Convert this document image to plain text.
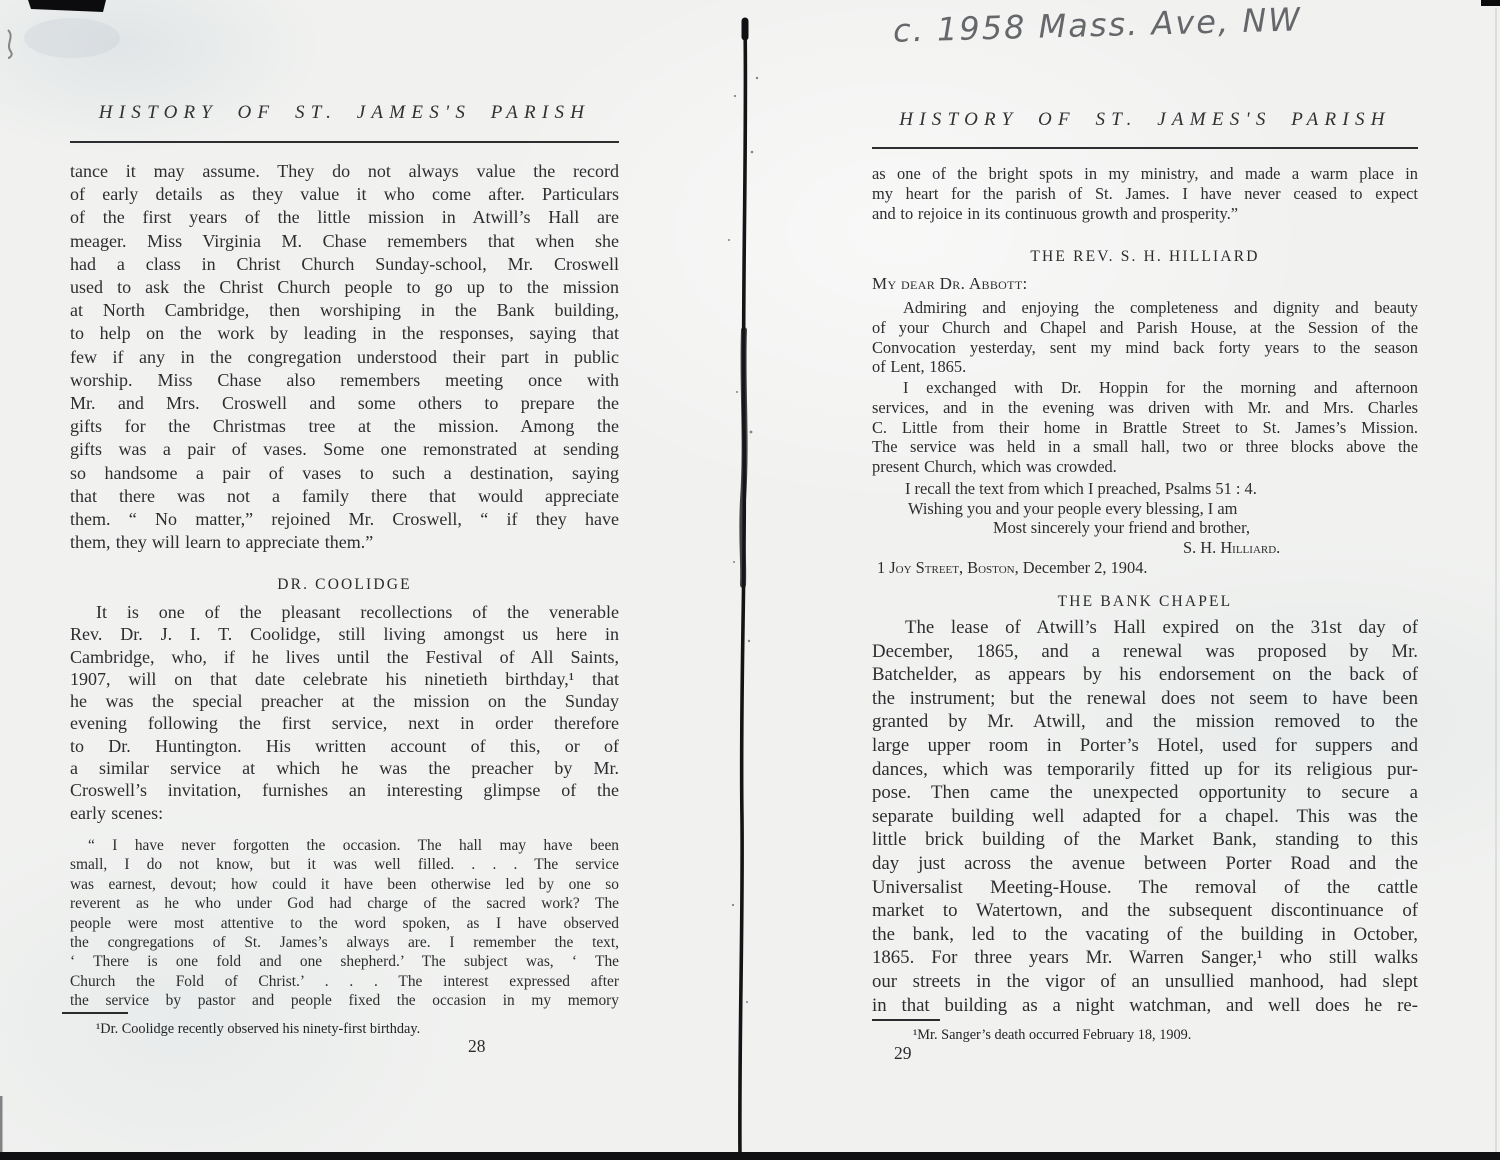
c. 1958 Mass. Ave, NW
HISTORY OF ST. JAMES'S PARISH
tance it may assume. They do not always value the record
of early details as they value it who come after. Particulars
of the first years of the little mission in Atwill’s Hall are
meager. Miss Virginia M. Chase remembers that when she
had a class in Christ Church Sunday-school, Mr. Croswell
used to ask the Christ Church people to go up to the mission
at North Cambridge, then worshiping in the Bank building,
to help on the work by leading in the responses, saying that
few if any in the congregation understood their part in public
worship. Miss Chase also remembers meeting once with
Mr. and Mrs. Croswell and some others to prepare the
gifts for the Christmas tree at the mission. Among the
gifts was a pair of vases. Some one remonstrated at sending
so handsome a pair of vases to such a destination, saying
that there was not a family there that would appreciate
them. “ No matter,” rejoined Mr. Croswell, “ if they have
them, they will learn to appreciate them.”
DR. COOLIDGE
It is one of the pleasant recollections of the venerable
Rev. Dr. J. I. T. Coolidge, still living amongst us here in
Cambridge, who, if he lives until the Festival of All Saints,
1907, will on that date celebrate his ninetieth birthday,¹ that
he was the special preacher at the mission on the Sunday
evening following the first service, next in order therefore
to Dr. Huntington. His written account of this, or of
a similar service at which he was the preacher by Mr.
Croswell’s invitation, furnishes an interesting glimpse of the
early scenes:
“ I have never forgotten the occasion. The hall may have been
small, I do not know, but it was well filled. . . . The service
was earnest, devout; how could it have been otherwise led by one so
reverent as he who under God had charge of the sacred work? The
people were most attentive to the word spoken, as I have observed
the congregations of St. James’s always are. I remember the text,
‘ There is one fold and one shepherd.’ The subject was, ‘ The
Church the Fold of Christ.’ . . . The interest expressed after
the service by pastor and people fixed the occasion in my memory
¹Dr. Coolidge recently observed his ninety-first birthday.
28
HISTORY OF ST. JAMES'S PARISH
as one of the bright spots in my ministry, and made a warm place in
my heart for the parish of St. James. I have never ceased to expect
and to rejoice in its continuous growth and prosperity.”
THE REV. S. H. HILLIARD
My dear Dr. Abbott:
Admiring and enjoying the completeness and dignity and beauty
of your Church and Chapel and Parish House, at the Session of the
Convocation yesterday, sent my mind back forty years to the season
of Lent, 1865.
I exchanged with Dr. Hoppin for the morning and afternoon
services, and in the evening was driven with Mr. and Mrs. Charles
C. Little from their home in Brattle Street to St. James’s Mission.
The service was held in a small hall, two or three blocks above the
present Church, which was crowded.
I recall the text from which I preached, Psalms 51 : 4.
Wishing you and your people every blessing, I am
Most sincerely your friend and brother,
S. H. Hilliard.
1 Joy Street, Boston, December 2, 1904.
THE BANK CHAPEL
The lease of Atwill’s Hall expired on the 31st day of
December, 1865, and a renewal was proposed by Mr.
Batchelder, as appears by his endorsement on the back of
the instrument; but the renewal does not seem to have been
granted by Mr. Atwill, and the mission removed to the
large upper room in Porter’s Hotel, used for suppers and
dances, which was temporarily fitted up for its religious pur-
pose. Then came the unexpected opportunity to secure a
separate building well adapted for a chapel. This was the
little brick building of the Market Bank, standing to this
day just across the avenue between Porter Road and the
Universalist Meeting-House. The removal of the cattle
market to Watertown, and the subsequent discontinuance of
the bank, led to the vacating of the building in October,
1865. For three years Mr. Warren Sanger,¹ who still walks
our streets in the vigor of an unsullied manhood, had slept
in that building as a night watchman, and well does he re-
¹Mr. Sanger’s death occurred February 18, 1909.
29
